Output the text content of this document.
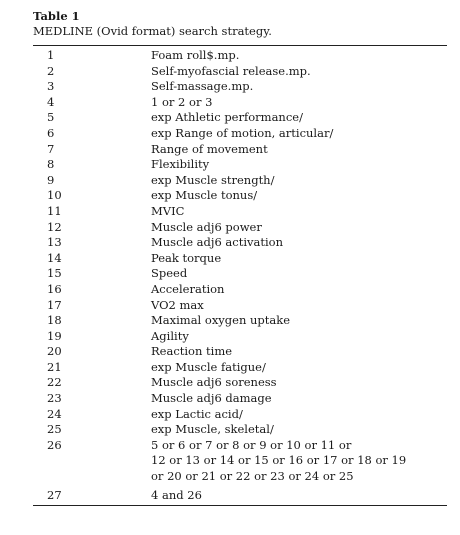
Table 1
MEDLINE (Ovid format) search strategy.
1	Foam roll$.mp.
2	Self-myofascial release.mp.
3	Self-massage.mp.
4	1 or 2 or 3
5	exp Athletic performance/
6	exp Range of motion, articular/
7	Range of movement
8	Flexibility
9	exp Muscle strength/
10	exp Muscle tonus/
11	MVIC
12	Muscle adj6 power
13	Muscle adj6 activation
14	Peak torque
15	Speed
16	Acceleration
17	VO2 max
18	Maximal oxygen uptake
19	Agility
20	Reaction time
21	exp Muscle fatigue/
22	Muscle adj6 soreness
23	Muscle adj6 damage
24	exp Lactic acid/
25	exp Muscle, skeletal/
26	5 or 6 or 7 or 8 or 9 or 10 or 11 or
12 or 13 or 14 or 15 or 16 or 17 or 18 or 19
or 20 or 21 or 22 or 23 or 24 or 25
27	4 and 26
